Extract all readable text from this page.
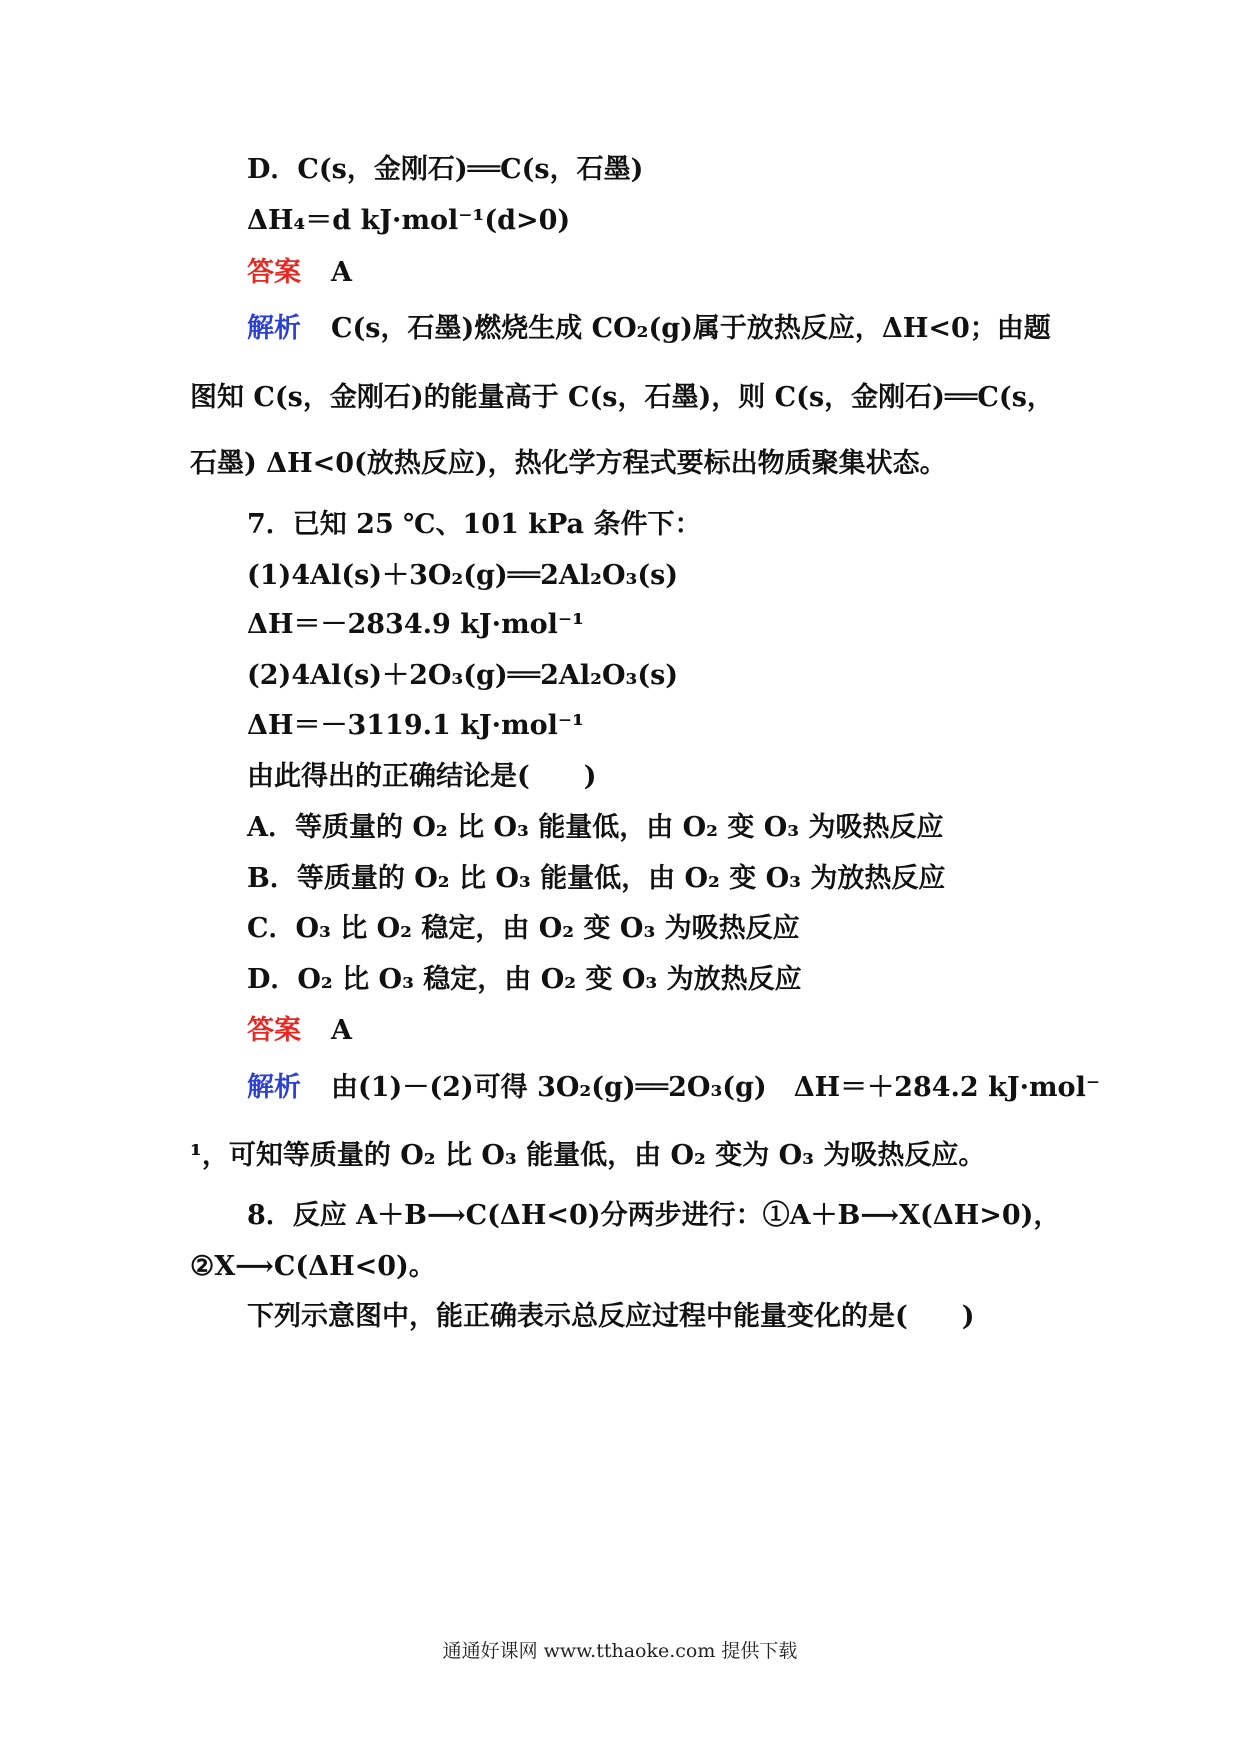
D．C(s，金刚石)══C(s，石墨)
ΔH₄＝d kJ·mol⁻¹(d>0)
答案 A
解析 C(s，石墨)燃烧生成 CO₂(g)属于放热反应，ΔH<0；由题
图知 C(s，金刚石)的能量高于 C(s，石墨)，则 C(s，金刚石)══C(s，
石墨) ΔH<0(放热反应)，热化学方程式要标出物质聚集状态。
7．已知 25 ℃、101 kPa 条件下：
(1)4Al(s)＋3O₂(g)══2Al₂O₃(s)
ΔH＝－2834.9 kJ·mol⁻¹
(2)4Al(s)＋2O₃(g)══2Al₂O₃(s)
ΔH＝－3119.1 kJ·mol⁻¹
由此得出的正确结论是(　　)
A．等质量的 O₂ 比 O₃ 能量低，由 O₂ 变 O₃ 为吸热反应
B．等质量的 O₂ 比 O₃ 能量低，由 O₂ 变 O₃ 为放热反应
C．O₃ 比 O₂ 稳定，由 O₂ 变 O₃ 为吸热反应
D．O₂ 比 O₃ 稳定，由 O₂ 变 O₃ 为放热反应
答案 A
解析 由(1)－(2)可得 3O₂(g)══2O₃(g)　ΔH＝＋284.2 kJ·mol⁻
¹，可知等质量的 O₂ 比 O₃ 能量低，由 O₂ 变为 O₃ 为吸热反应。
8．反应 A＋B⟶C(ΔH<0)分两步进行：①A＋B⟶X(ΔH>0)，
②X⟶C(ΔH<0)。
下列示意图中，能正确表示总反应过程中能量变化的是(　　)
通通好课网 www.tthaoke.com 提供下载
